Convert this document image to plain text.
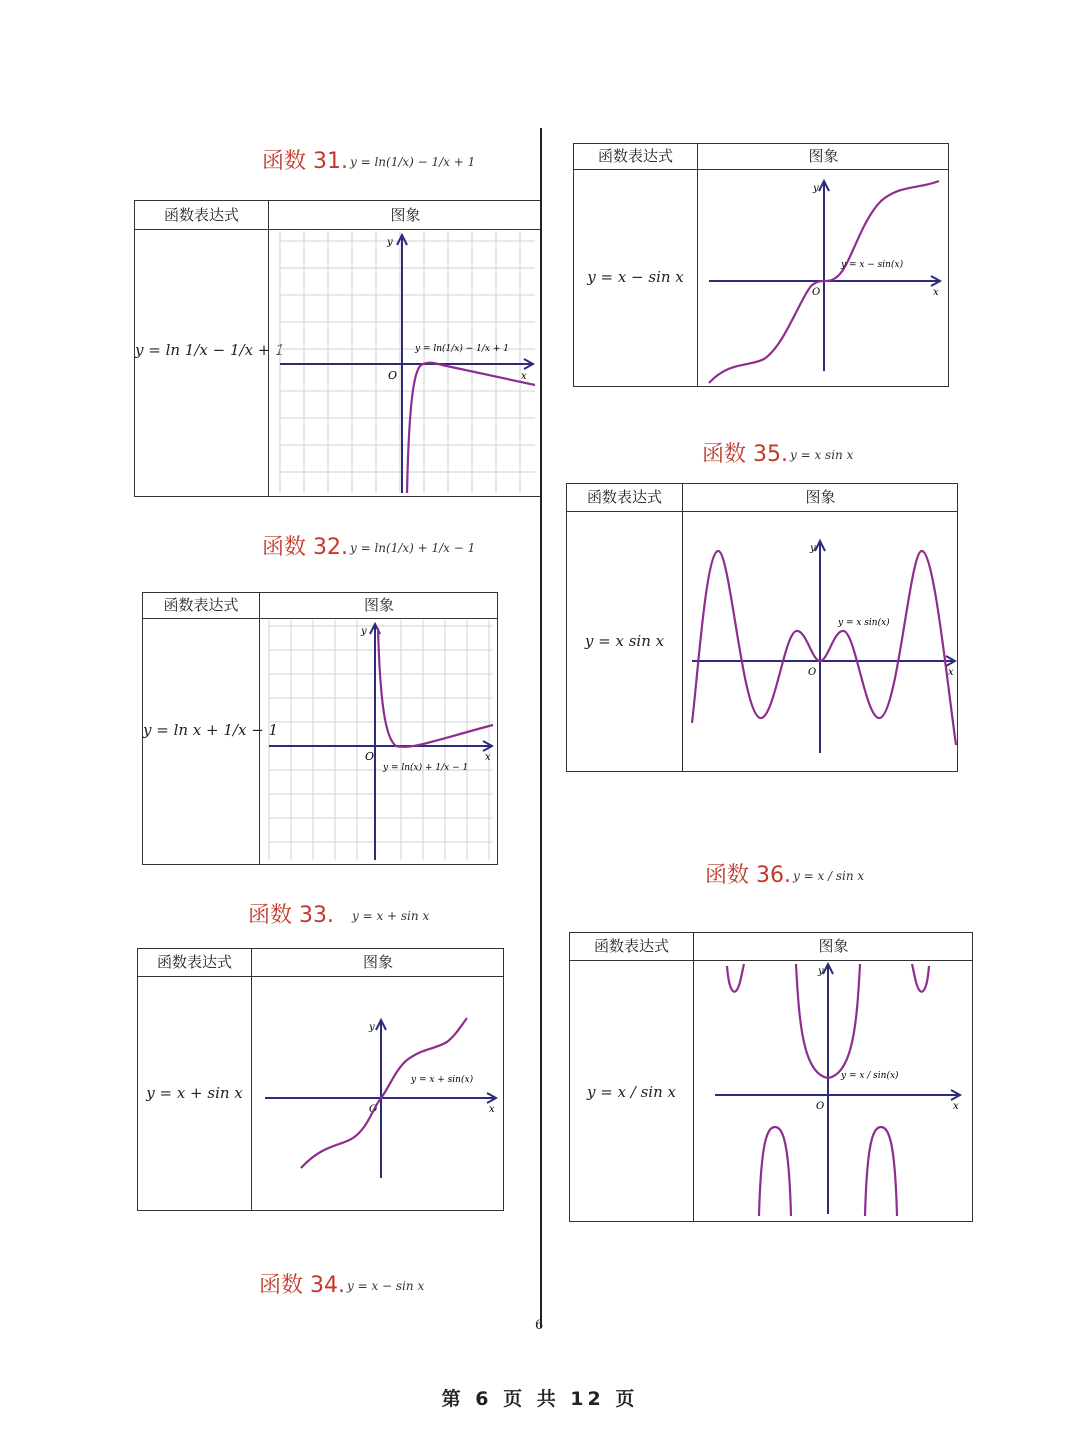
函数 31. y = ln(1/x) − 1/x + 1
函数表达式	图象
y = ln 1/x − 1/x + 1
O	x
y
y = ln(1/x) − 1/x + 1
函数 32. y = ln(1/x) + 1/x − 1
函数表达式	图象
y = ln x + 1/x − 1
O	x
y
y = ln(x) + 1/x − 1
函数 33. y = x + sin x
函数表达式	图象
y = x + sin x
O	x
y
y = x + sin(x)
函数 34. y = x − sin x
函数表达式	图象
y = x − sin x
O	x
y
y = x − sin(x)
函数 35. y = x sin x
函数表达式	图象
y = x sin x
O	x
y
y = x sin(x)
函数 36. y = x / sin x
函数表达式	图象
y = x / sin x
O	x
y
y = x / sin(x)
6
第 6 页 共 12 页
